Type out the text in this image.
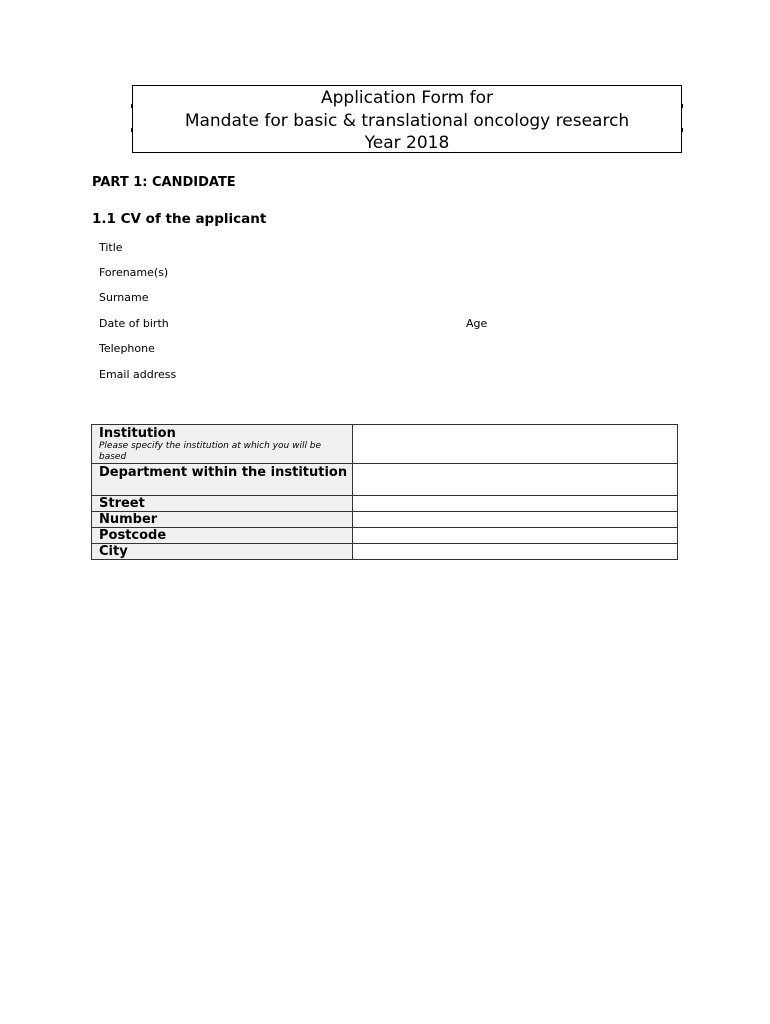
Application Form for
Mandate for basic & translational oncology research
Year 2018
PART 1: CANDIDATE
1.1 CV of the applicant
Title
Forename(s)
Surname
Date of birth	Age
Telephone
Email address
Institution
Please specify the institution at which you will be based	

Department within the institution	
Street	
Number	
Postcode	
City	
